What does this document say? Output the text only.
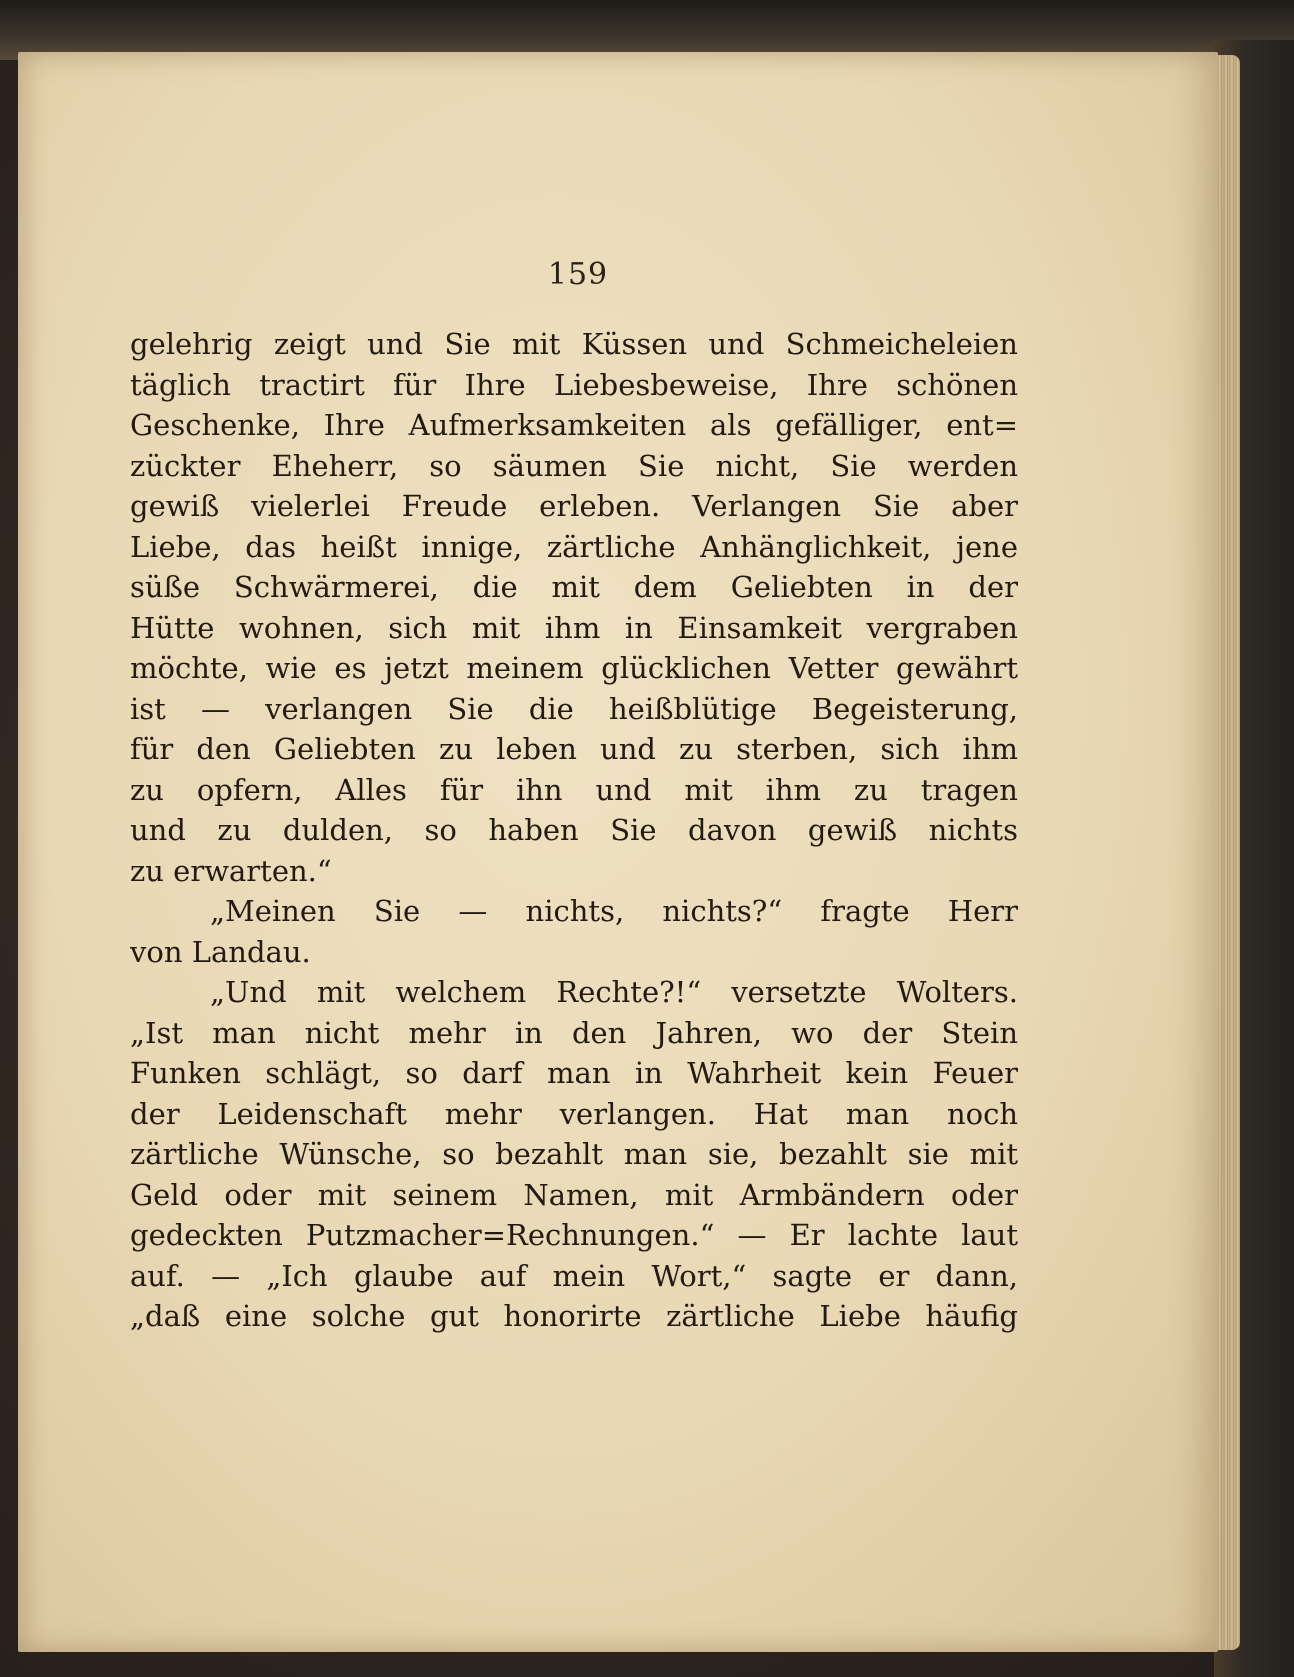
159
gelehrig zeigt und Sie mit Küssen und Schmeicheleien
täglich tractirt für Ihre Liebesbeweise, Ihre schönen
Geschenke, Ihre Aufmerksamkeiten als gefälliger, ent=
zückter Eheherr, so säumen Sie nicht, Sie werden
gewiß vielerlei Freude erleben. Verlangen Sie aber
Liebe, das heißt innige, zärtliche Anhänglichkeit, jene
süße Schwärmerei, die mit dem Geliebten in der
Hütte wohnen, sich mit ihm in Einsamkeit vergraben
möchte, wie es jetzt meinem glücklichen Vetter gewährt
ist — verlangen Sie die heißblütige Begeisterung,
für den Geliebten zu leben und zu sterben, sich ihm
zu opfern, Alles für ihn und mit ihm zu tragen
und zu dulden, so haben Sie davon gewiß nichts
zu erwarten.“
„Meinen Sie — nichts, nichts?“ fragte Herr
von Landau.
„Und mit welchem Rechte?!“ versetzte Wolters.
„Ist man nicht mehr in den Jahren, wo der Stein
Funken schlägt, so darf man in Wahrheit kein Feuer
der Leidenschaft mehr verlangen. Hat man noch
zärtliche Wünsche, so bezahlt man sie, bezahlt sie mit
Geld oder mit seinem Namen, mit Armbändern oder
gedeckten Putzmacher=Rechnungen.“ — Er lachte laut
auf. — „Ich glaube auf mein Wort,“ sagte er dann,
„daß eine solche gut honorirte zärtliche Liebe häufig
